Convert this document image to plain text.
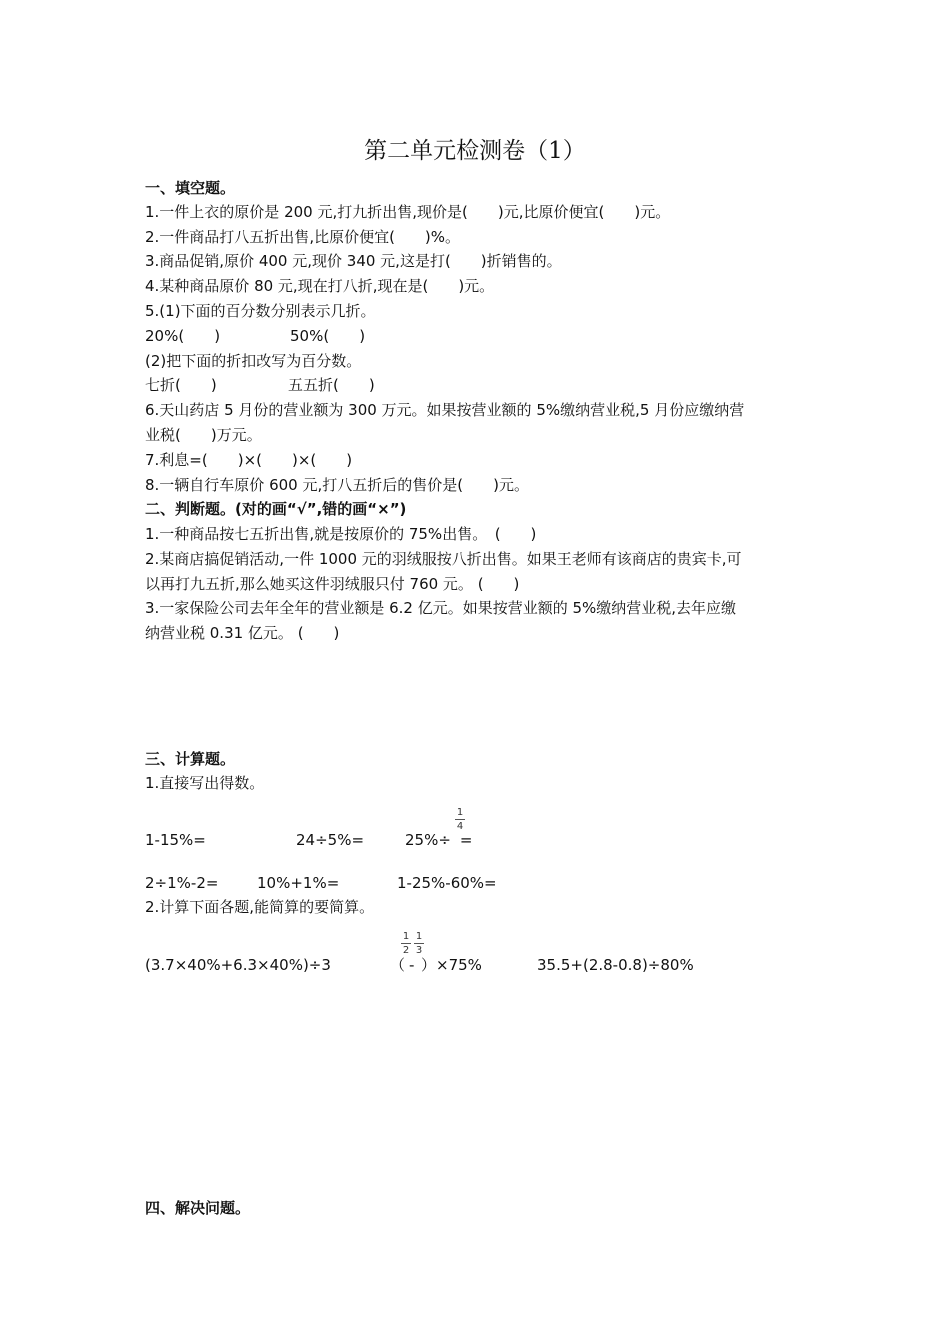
第二单元检测卷（1）
一、填空题。
1.一件上衣的原价是 200 元,打九折出售,现价是(　　)元,比原价便宜(　　)元。
2.一件商品打八五折出售,比原价便宜(　　)%。
3.商品促销,原价 400 元,现价 340 元,这是打(　　)折销售的。
4.某种商品原价 80 元,现在打八折,现在是(　　)元。
5.(1)下面的百分数分别表示几折。
20%(　　)	50%(　　)
(2)把下面的折扣改写为百分数。
七折(　　)	五五折(　　)
6.天山药店 5 月份的营业额为 300 万元。如果按营业额的 5%缴纳营业税,5 月份应缴纳营
业税(　　)万元。
7.利息=(　　)×(　　)×(　　)
8.一辆自行车原价 600 元,打八五折后的售价是(　　)元。
二、判断题。(对的画“√”,错的画“×”)
1.一种商品按七五折出售,就是按原价的 75%出售。　(　　)
2.某商店搞促销活动,一件 1000 元的羽绒服按八折出售。如果王老师有该商店的贵宾卡,可
以再打九五折,那么她买这件羽绒服只付 760 元。 (　　)
3.一家保险公司去年全年的营业额是 6.2 亿元。如果按营业额的 5%缴纳营业税,去年应缴
纳营业税 0.31 亿元。 (　　)
三、计算题。
1.直接写出得数。
1-15%=	24÷5%=	25%÷ =
1
4
2÷1%-2=	10%+1%=	1-25%-60%=
2.计算下面各题,能简算的要简算。
(3.7×40%+6.3×40%)÷3	（
1
2
-
1
3
）×75%	35.5+(2.8-0.8)÷80%
四、解决问题。
